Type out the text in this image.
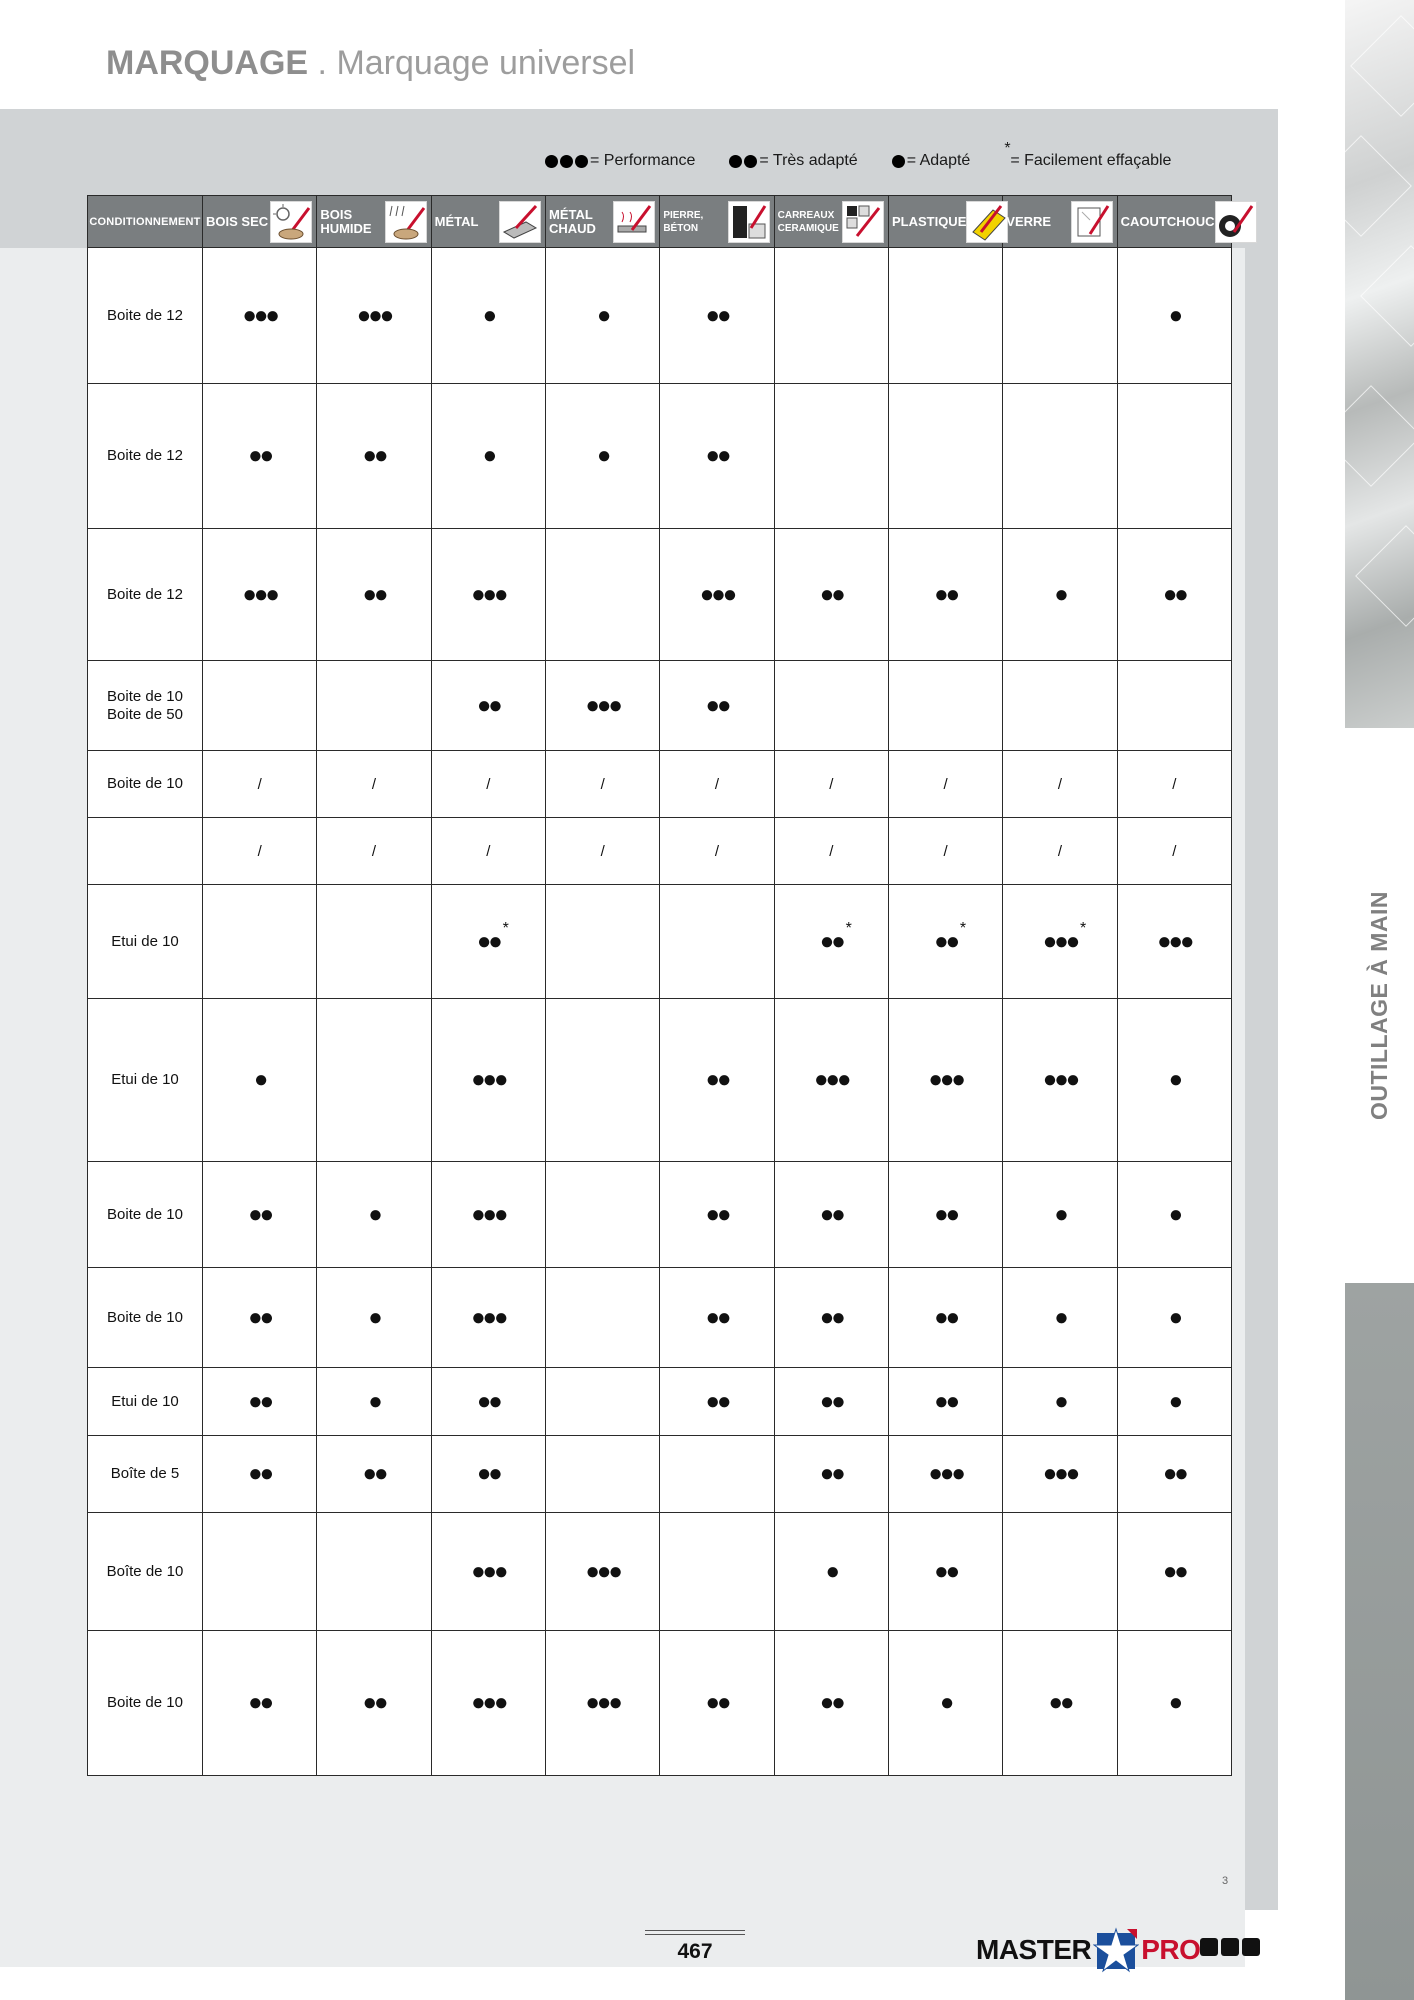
MARQUAGE . Marquage universel
OUTILLAGE À MAIN
= Performance	= Très adapté	= Adapté
*
= Facilement effaçable
CONDITIONNEMENT	BOIS SEC	BOIS HUMIDE	MÉTAL	MÉTAL CHAUD	PIERRE, BÉTON	CARREAUX CERAMIQUE	PLASTIQUE	VERRE	CAOUTCHOUC

Boite de 12	●●●	●●●	●	●	●●				●
Boite de 12	●●	●●	●	●	●●				
Boite de 12	●●●	●●	●●●		●●●	●●	●●	●	●●
Boite de 10
Boite de 50			●●	●●●	●●				
Boite de 10	/	/	/	/	/	/	/	/	/
	/	/	/	/	/	/	/	/	/
Etui de 10			●● *			●● *	●● *	●●● *	●●●
Etui de 10	●		●●●		●●	●●●	●●●	●●●	●
Boite de 10	●●	●	●●●		●●	●●	●●	●	●
Boite de 10	●●	●	●●●		●●	●●	●●	●	●
Etui de 10	●●	●	●●		●●	●●	●●	●	●
Boîte de 5	●●	●●	●●			●●	●●●	●●●	●●
Boîte de 10			●●●	●●●		●	●●		●●
Boite de 10	●●	●●	●●●	●●●	●●	●●	●	●●	●
3
467	MASTER PRO
